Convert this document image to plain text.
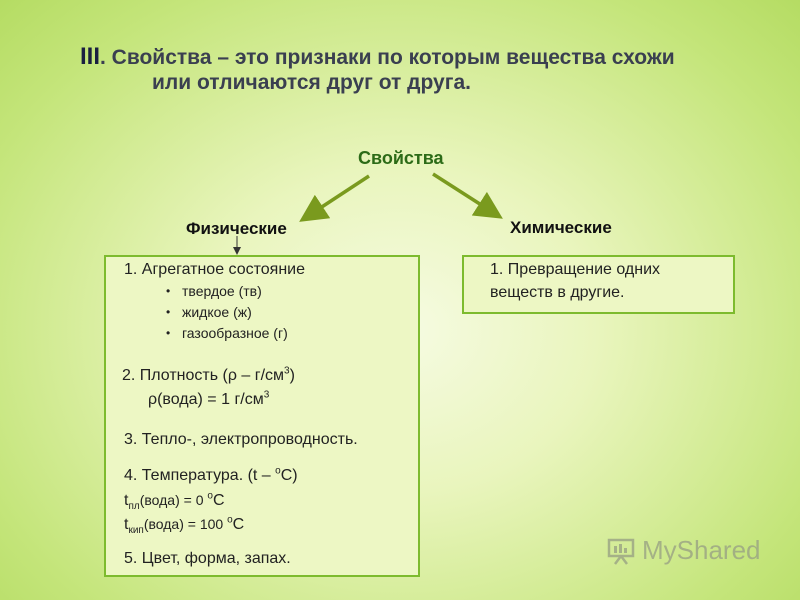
III. Свойства – это признаки по которым вещества схожи
или отличаются друг от друга.
Свойства
Физические	Химические
1. Агрегатное состояние
• твердое (тв)
• жидкое (ж)
• газообразное (г)
2. Плотность $(\rho - г/см^3)$
ρ(вода) = 1 $г/см^3$
3. Тепло-, электропроводность.
4. Температура. (t – $^о$С)
$t_{пл}(вода) = 0$ $^о$С
$t_{кип}(вода) = 100$ $^о$С
5. Цвет, форма, запах.
1. Превращение одних
веществ в другие.
MyShared
